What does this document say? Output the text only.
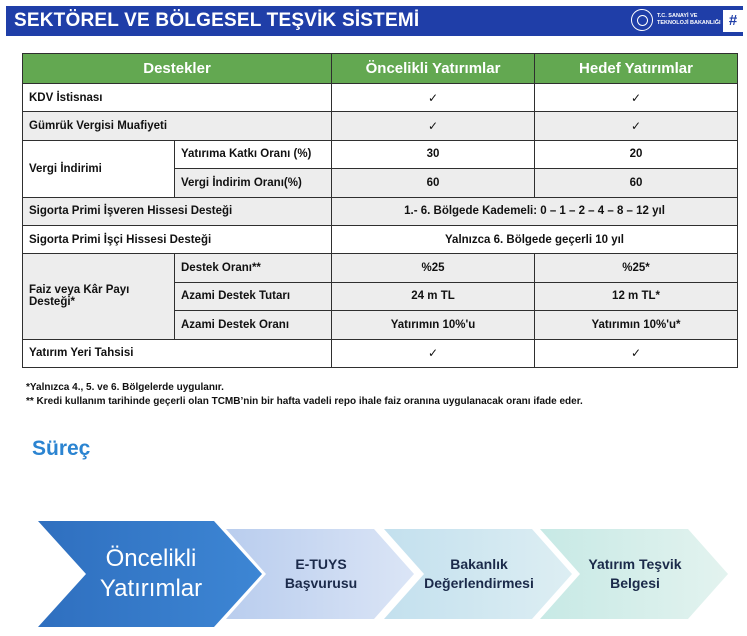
SEKTÖREL VE BÖLGESEL TEŞVİK SİSTEMİ	T.C. SANAYİ VE
TEKNOLOJİ BAKANLIĞI #
Destekler		Öncelikli Yatırımlar	Hedef Yatırımlar
KDV İstisnası		✓	✓
Gümrük Vergisi Muafiyeti		✓	✓
Vergi İndirimi	Yatırıma Katkı Oranı (%)	30	20
	Vergi İndirim Oranı(%)	60	60
Sigorta Primi İşveren Hissesi Desteği		1.- 6. Bölgede Kademeli: 0 – 1 – 2 – 4 – 8 – 12 yıl	
Sigorta Primi İşçi Hissesi Desteği		Yalnızca 6. Bölgede geçerli 10 yıl	
Faiz veya Kâr Payı Desteği*	Destek Oranı**	%25	%25*
	Azami Destek Tutarı	24 m TL	12 m TL*
	Azami Destek Oranı	Yatırımın 10%'u	Yatırımın 10%'u*
Yatırım Yeri Tahsisi		✓	✓
*Yalnızca 4., 5. ve 6. Bölgelerde uygulanır.
** Kredi kullanım tarihinde geçerli olan TCMB’nin bir hafta vadeli repo ihale faiz oranına uygulanacak oranı ifade eder.
Süreç
Öncelikli
Yatırımlar
E-TUYS
Başvurusu
Bakanlık
Değerlendirmesi
Yatırım Teşvik
Belgesi
